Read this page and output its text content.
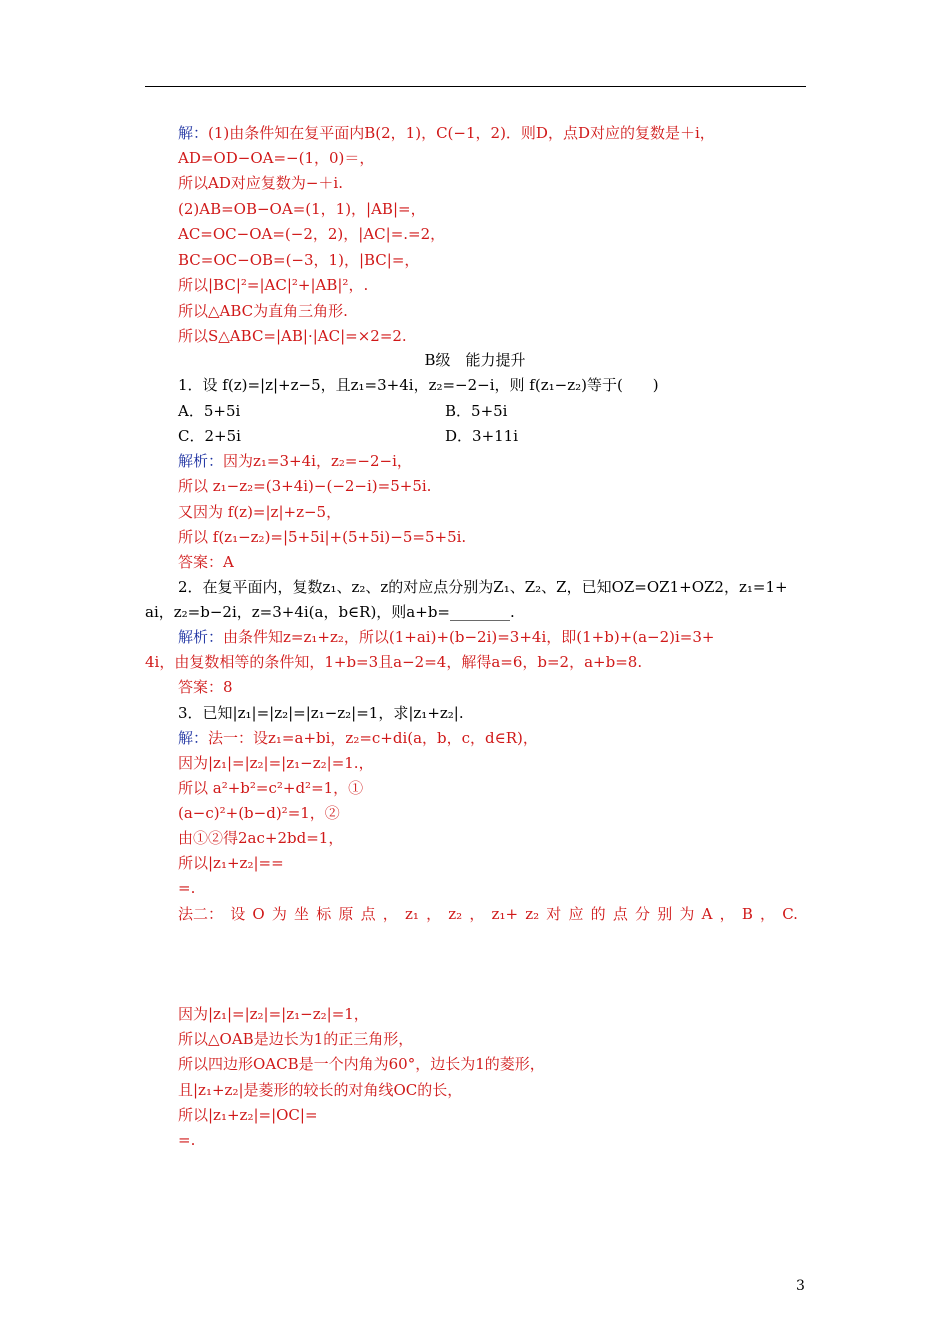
解：(1)由条件知在复平面内B(2，1)，C(−1，2)．则D，点D对应的复数是＋i，
AD=OD−OA=−(1，0)＝，
所以AD对应复数为−＋i.
(2)AB=OB−OA=(1，1)，|AB|=，
AC=OC−OA=(−2，2)，|AC|=.=2，
BC=OC−OB=(−3，1)，|BC|=，
所以|BC|²=|AC|²+|AB|²，.
所以△ABC为直角三角形.
所以S△ABC=|AB|·|AC|=×2=2.
B级　能力提升
1．设 f(z)=|z|+z−5，且z₁=3+4i，z₂=−2−i，则 f(z₁−z₂)等于(　　)
A．5+5i	B．5+5i
C．2+5i	D．3+11i
解析：因为z₁=3+4i，z₂=−2−i，
所以 z₁−z₂=(3+4i)−(−2−i)=5+5i.
又因为 f(z)=|z|+z−5，
所以 f(z₁−z₂)=|5+5i|+(5+5i)−5=5+5i.
答案：A
2．在复平面内，复数z₁、z₂、z的对应点分别为Z₁、Z₂、Z，已知OZ=OZ1+OZ2，z₁=1+
ai，z₂=b−2i，z=3+4i(a，b∈R)，则a+b=________.
解析：由条件知z=z₁+z₂，所以(1+ai)+(b−2i)=3+4i，即(1+b)+(a−2)i=3+
4i，由复数相等的条件知，1+b=3且a−2=4，解得a=6，b=2，a+b=8.
答案：8
3．已知|z₁|=|z₂|=|z₁−z₂|=1，求|z₁+z₂|.
解：法一：设z₁=a+bi，z₂=c+di(a，b，c，d∈R)，
因为|z₁|=|z₂|=|z₁−z₂|=1.，
所以 a²+b²=c²+d²=1，①
(a−c)²+(b−d)²=1，②
由①②得2ac+2bd=1，
所以|z₁+z₂|==
=.
法二： 设 O 为 坐 标 原 点 ， z₁ ， z₂ ， z₁+ z₂ 对 应 的 点 分 别 为 A ， B ， C.
因为|z₁|=|z₂|=|z₁−z₂|=1，
所以△OAB是边长为1的正三角形，
所以四边形OACB是一个内角为60°，边长为1的菱形，
且|z₁+z₂|是菱形的较长的对角线OC的长，
所以|z₁+z₂|=|OC|=
=.
3
